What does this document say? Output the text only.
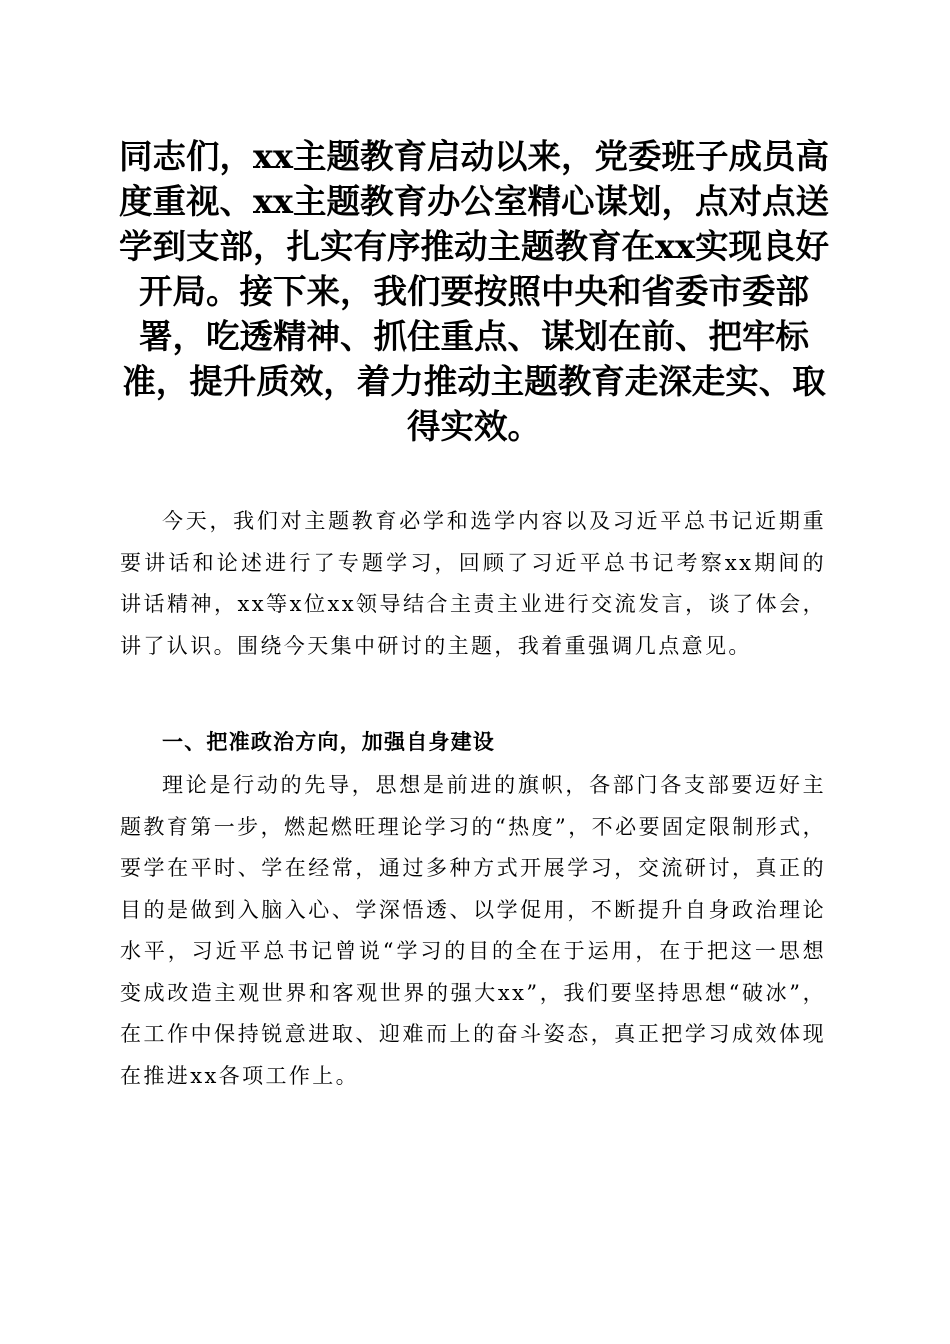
同志们，xx主题教育启动以来，党委班子成员高度重视、xx主题教育办公室精心谋划，点对点送学到支部，扎实有序推动主题教育在xx实现良好开局。接下来，我们要按照中央和省委市委部署，吃透精神、抓住重点、谋划在前、把牢标准，提升质效，着力推动主题教育走深走实、取得实效。

今天，我们对主题教育必学和选学内容以及习近平总书记近期重要讲话和论述进行了专题学习，回顾了习近平总书记考察xx期间的讲话精神，xx等x位xx领导结合主责主业进行交流发言，谈了体会，讲了认识。围绕今天集中研讨的主题，我着重强调几点意见。

一、把准政治方向，加强自身建设

理论是行动的先导，思想是前进的旗帜，各部门各支部要迈好主题教育第一步，燃起燃旺理论学习的“热度”，不必要固定限制形式，要学在平时、学在经常，通过多种方式开展学习，交流研讨，真正的目的是做到入脑入心、学深悟透、以学促用，不断提升自身政治理论水平，习近平总书记曾说“学习的目的全在于运用，在于把这一思想变成改造主观世界和客观世界的强大xx”，我们要坚持思想“破冰”，在工作中保持锐意进取、迎难而上的奋斗姿态，真正把学习成效体现在推进xx各项工作上。
